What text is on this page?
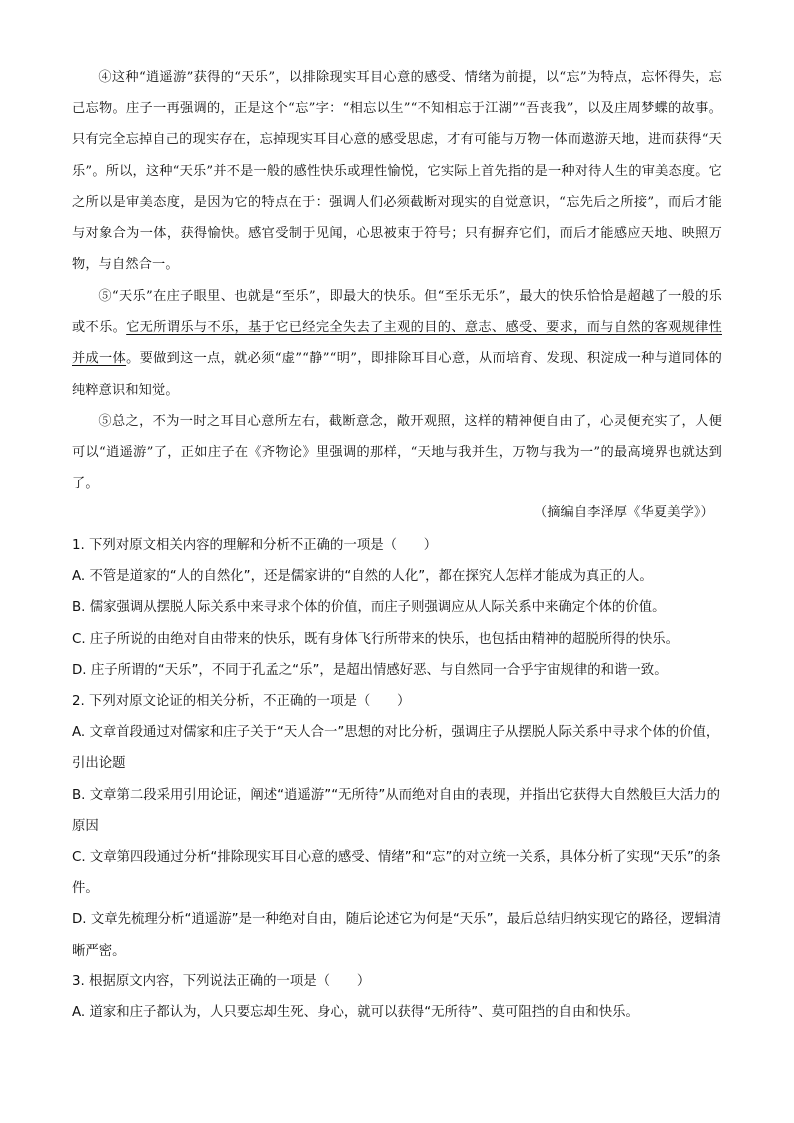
④这种“逍遥游”获得的“天乐”，以排除现实耳目心意的感受、情绪为前提，以“忘”为特点，忘怀得失，忘己忘物。庄子一再强调的，正是这个“忘”字：“相忘以生”“不知相忘于江湖”“吾丧我”，以及庄周梦蝶的故事。只有完全忘掉自己的现实存在，忘掉现实耳目心意的感受思虑，才有可能与万物一体而遨游天地，进而获得“天乐”。所以，这种“天乐”并不是一般的感性快乐或理性愉悦，它实际上首先指的是一种对待人生的审美态度。它之所以是审美态度，是因为它的特点在于：强调人们必须截断对现实的自觉意识，“忘先后之所接”，而后才能与对象合为一体，获得愉快。感官受制于见闻，心思被束于符号；只有摒弃它们，而后才能感应天地、映照万物，与自然合一。

⑤“天乐”在庄子眼里、也就是“至乐”，即最大的快乐。但“至乐无乐”，最大的快乐恰恰是超越了一般的乐或不乐。它无所谓乐与不乐，基于它已经完全失去了主观的目的、意志、感受、要求，而与自然的客观规律性并成一体。要做到这一点，就必须“虚”“静”“明”，即排除耳目心意，从而培育、发现、积淀成一种与道同体的纯粹意识和知觉。

⑤总之，不为一时之耳目心意所左右，截断意念，敞开观照，这样的精神便自由了，心灵便充实了，人便可以“逍遥游”了，正如庄子在《齐物论》里强调的那样，“天地与我并生，万物与我为一”的最高境界也就达到了。

（摘编自李泽厚《华夏美学》）
1. 下列对原文相关内容的理解和分析不正确的一项是（　　）
A. 不管是道家的“人的自然化”，还是儒家讲的“自然的人化”，都在探究人怎样才能成为真正的人。
B. 儒家强调从摆脱人际关系中来寻求个体的价值，而庄子则强调应从人际关系中来确定个体的价值。
C. 庄子所说的由绝对自由带来的快乐，既有身体飞行所带来的快乐，也包括由精神的超脱所得的快乐。
D. 庄子所谓的“天乐”，不同于孔孟之“乐”，是超出情感好恶、与自然同一合乎宇宙规律的和谐一致。
2. 下列对原文论证的相关分析，不正确的一项是（　　）
A. 文章首段通过对儒家和庄子关于“天人合一”思想的对比分析，强调庄子从摆脱人际关系中寻求个体的价值，引出论题
B. 文章第二段采用引用论证，阐述“逍遥游”“无所待”从而绝对自由的表现，并指出它获得大自然般巨大活力的原因
C. 文章第四段通过分析“排除现实耳目心意的感受、情绪”和“忘”的对立统一关系，具体分析了实现“天乐”的条件。
D. 文章先梳理分析“逍遥游”是一种绝对自由，随后论述它为何是“天乐”，最后总结归纳实现它的路径，逻辑清晰严密。
3. 根据原文内容，下列说法正确的一项是（　　）
A. 道家和庄子都认为，人只要忘却生死、身心，就可以获得“无所待”、莫可阻挡的自由和快乐。
